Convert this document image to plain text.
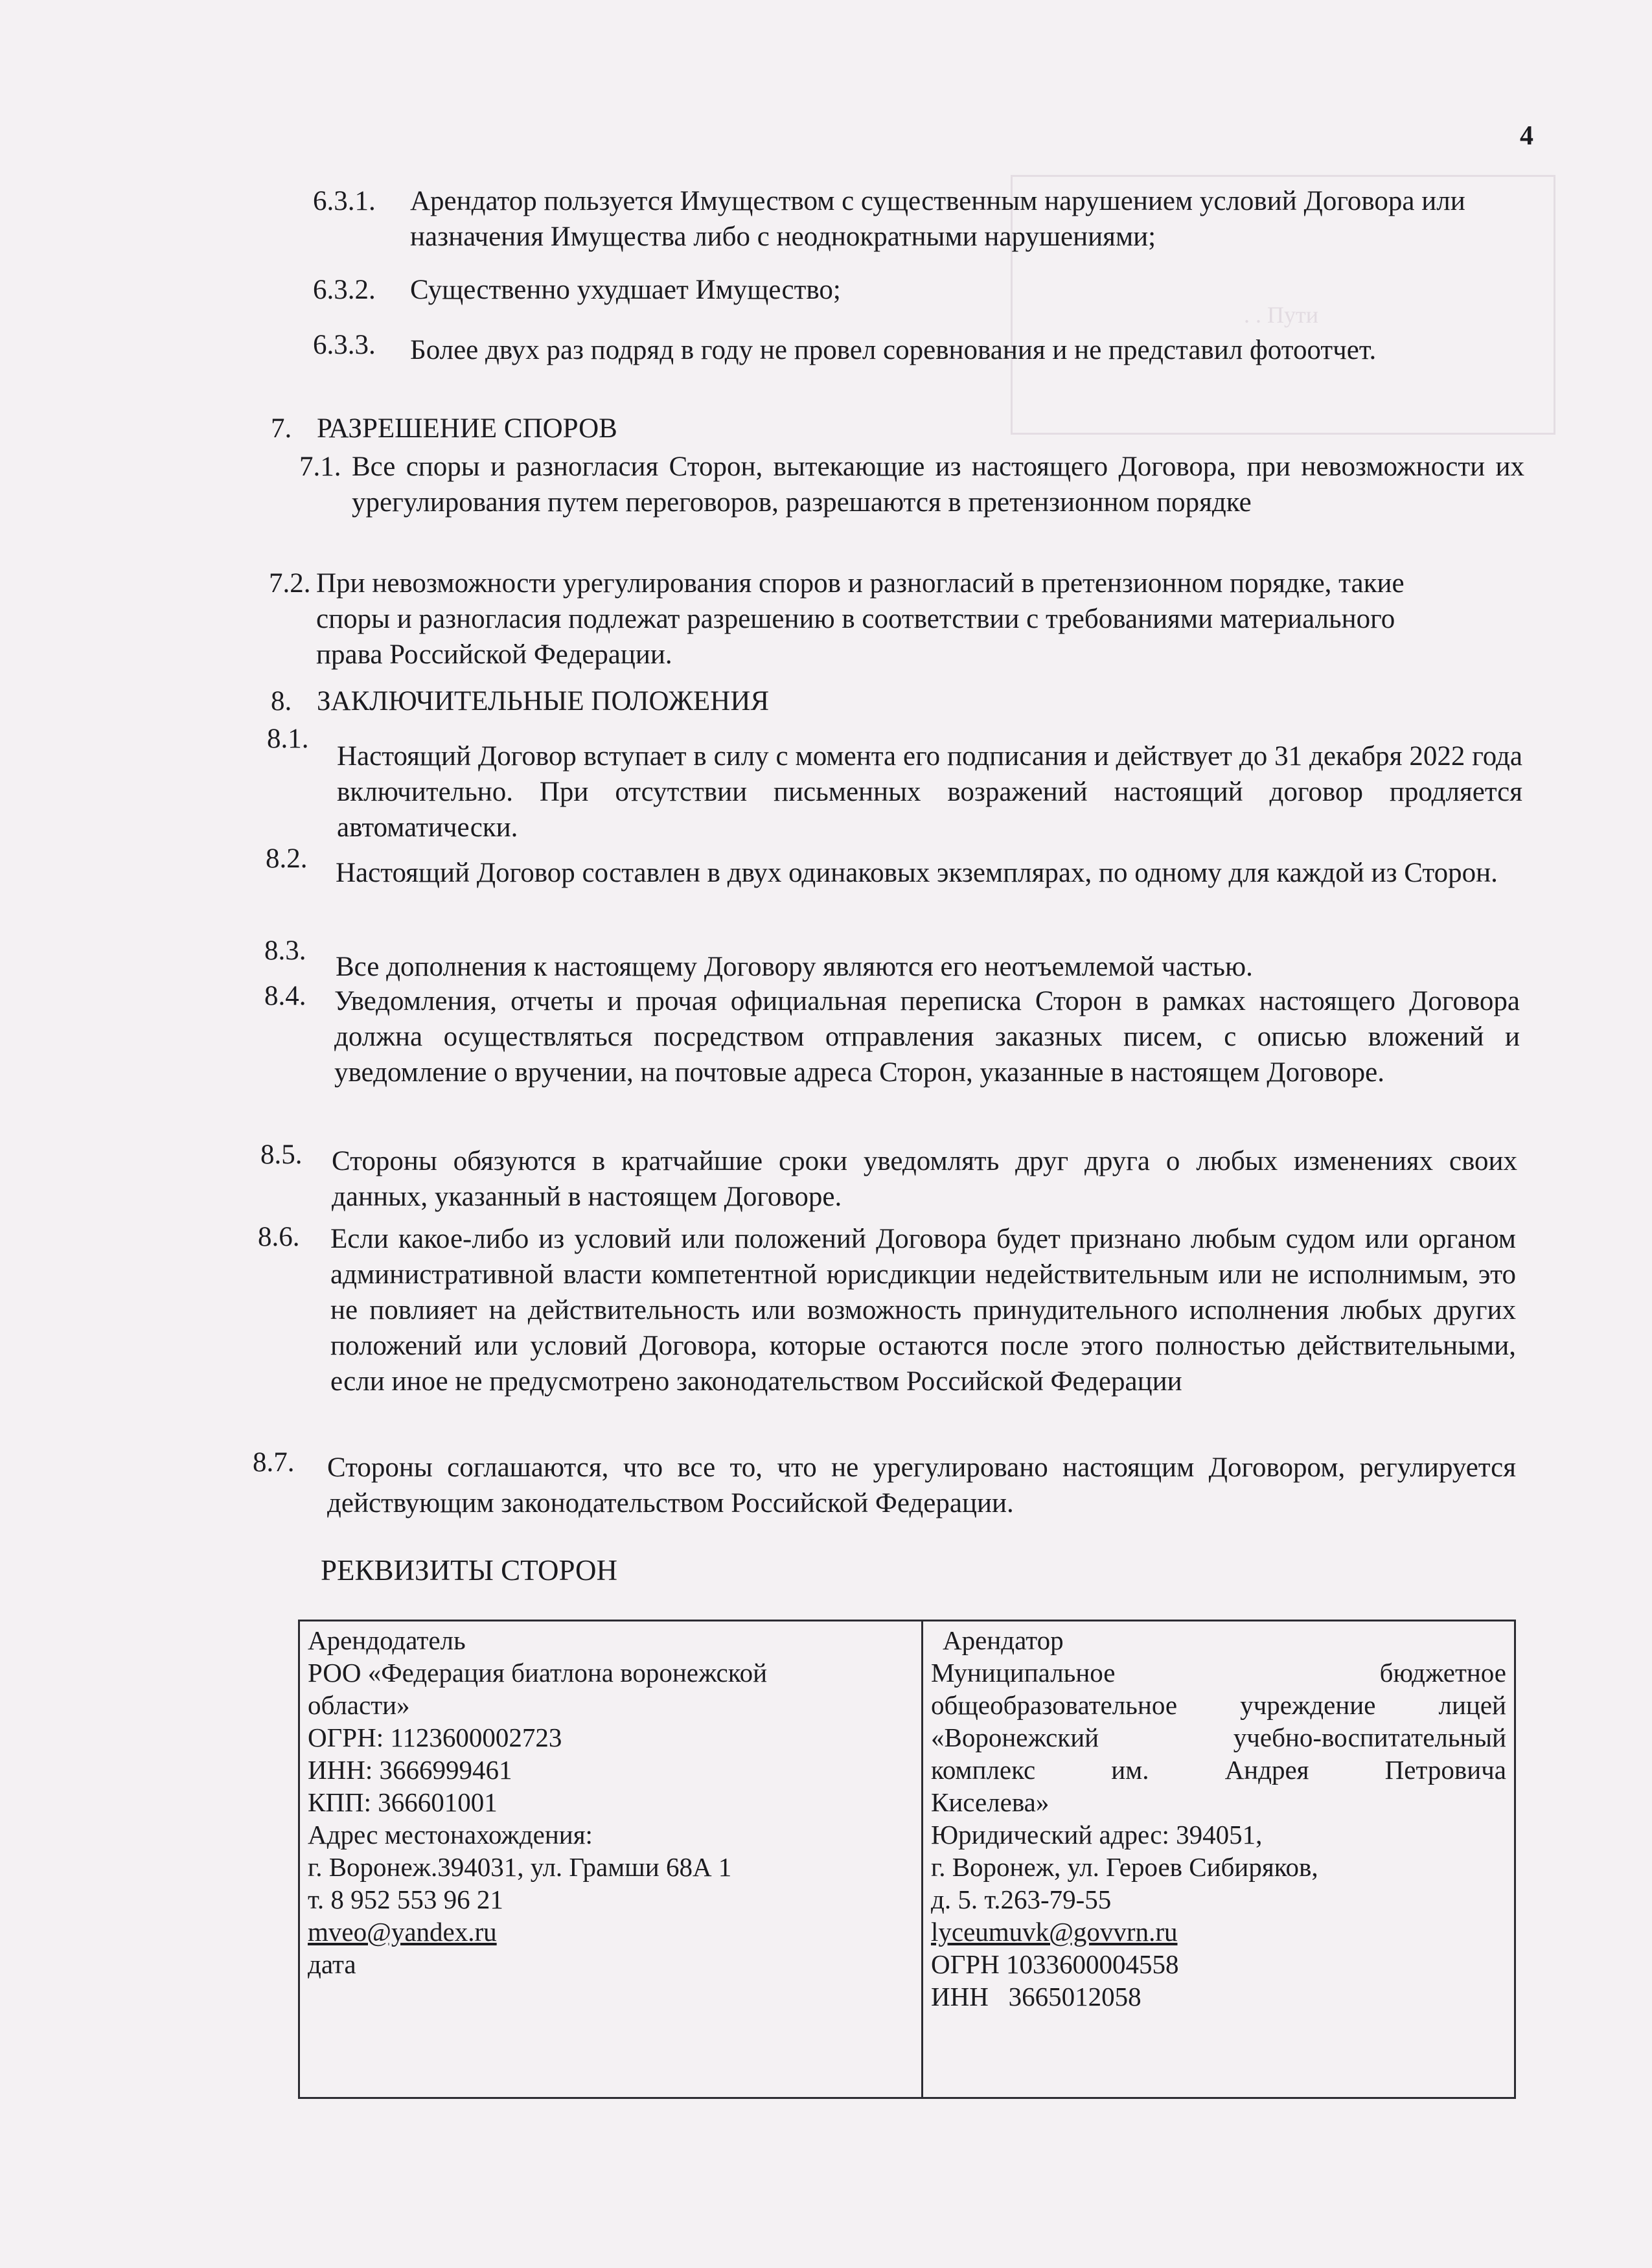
4
. . Пути
6.3.1. Арендатор пользуется Имуществом с существенным нарушением условий Договора или назначения Имущества либо с неоднократными нарушениями;
6.3.2. Существенно ухудшает Имущество;
6.3.3. Более двух раз подряд в году не провел соревнования и не представил фотоотчет.
7. РАЗРЕШЕНИЕ СПОРОВ
7.1. Все споры и разногласия Сторон, вытекающие из настоящего Договора, при невозможности их урегулирования путем переговоров, разрешаются в претензионном порядке
7.2. При невозможности урегулирования споров и разногласий в претензионном порядке, такие споры и разногласия подлежат разрешению в соответствии с требованиями материального права Российской Федерации.
8. ЗАКЛЮЧИТЕЛЬНЫЕ ПОЛОЖЕНИЯ
8.1.
Настоящий Договор вступает в силу с момента его подписания и действует до 31 декабря 2022 года включительно. При отсутствии письменных возражений настоящий договор продляется автоматически.
8.2. Настоящий Договор составлен в двух одинаковых экземплярах, по одному для каждой из Сторон.
8.3.
Все дополнения к настоящему Договору являются его неотъемлемой частью.
8.4. Уведомления, отчеты и прочая официальная переписка Сторон в рамках настоящего Договора должна осуществляться посредством отправления заказных писем, с описью вложений и уведомление о вручении, на почтовые адреса Сторон, указанные в настоящем Договоре.
8.5. Стороны обязуются в кратчайшие сроки уведомлять друг друга о любых изменениях своих данных, указанный в настоящем Договоре.
8.6. Если какое-либо из условий или положений Договора будет признано любым судом или органом административной власти компетентной юрисдикции недействительным или не исполнимым, это не повлияет на действительность или возможность принудительного исполнения любых других положений или условий Договора, которые остаются после этого полностью действительными, если иное не предусмотрено законодательством Российской Федерации
8.7. Стороны соглашаются, что все то, что не урегулировано настоящим Договором, регулируется действующим законодательством Российской Федерации.
РЕКВИЗИТЫ СТОРОН
Арендодатель
РОО «Федерация биатлона воронежской
области»
ОГРН: 1123600002723
ИНН: 3666999461
КПП: 366601001
Адрес местонахождения:
г. Воронеж.394031, ул. Грамши 68А 1
т. 8 952 553 96 21
mveo@yandex.ru
дата

Арендатор
Муниципальное бюджетное
общеобразовательное учреждение лицей
«Воронежский учебно-воспитательный
комплекс им. Андрея Петровича
Киселева»
Юридический адрес: 394051,
г. Воронеж, ул. Героев Сибиряков,
д. 5. т.263-79-55
lyceumuvk@govvrn.ru
ОГРН 1033600004558
ИНН   3665012058
